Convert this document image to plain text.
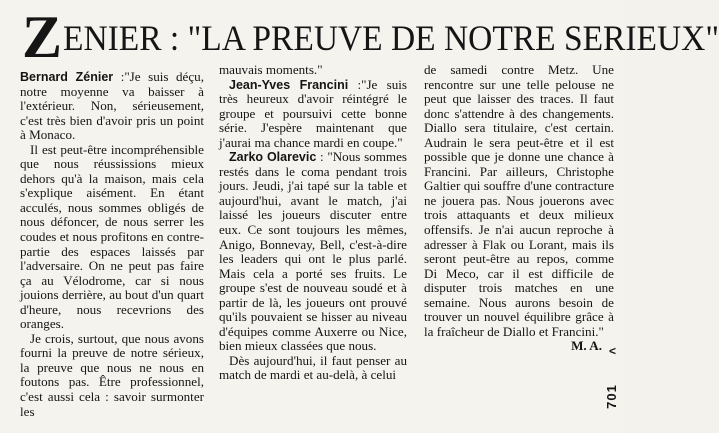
Z ENIER : "LA PREUVE DE NOTRE SERIEUX"

Bernard Zénier :"Je suis déçu, notre moyenne va baisser à l'extérieur. Non, sérieusement, c'est très bien d'avoir pris un point à Monaco.

Il est peut-être incompréhensible que nous réussissions mieux dehors qu'à la maison, mais cela s'explique aisément. En étant acculés, nous sommes obligés de nous défoncer, de nous serrer les coudes et nous profitons en contre-partie des espaces laissés par l'adversaire. On ne peut pas faire ça au Vélodrome, car si nous jouions derrière, au bout d'un quart d'heure, nous recevrions des oranges.

Je crois, surtout, que nous avons fourni la preuve de notre sérieux, la preuve que nous ne nous en foutons pas. Être professionnel, c'est aussi cela : savoir surmonter les

mauvais moments."

Jean-Yves Francini :"Je suis très heureux d'avoir réintégré le groupe et poursuivi cette bonne série. J'espère maintenant que j'aurai ma chance mardi en coupe."

Zarko Olarevic : "Nous sommes restés dans le coma pendant trois jours. Jeudi, j'ai tapé sur la table et aujourd'hui, avant le match, j'ai laissé les joueurs discuter entre eux. Ce sont toujours les mêmes, Anigo, Bonnevay, Bell, c'est-à-dire les leaders qui ont le plus parlé. Mais cela a porté ses fruits. Le groupe s'est de nouveau soudé et à partir de là, les joueurs ont prouvé qu'ils pouvaient se hisser au niveau d'équipes comme Auxerre ou Nice, bien mieux classées que nous.

Dès aujourd'hui, il faut penser au match de mardi et au-delà, à celui

de samedi contre Metz. Une rencontre sur une telle pelouse ne peut que laisser des traces. Il faut donc s'attendre à des changements. Diallo sera titulaire, c'est certain. Audrain le sera peut-être et il est possible que je donne une chance à Francini. Par ailleurs, Christophe Galtier qui souffre d'une contracture ne jouera pas. Nous jouerons avec trois attaquants et deux milieux offensifs. Je n'ai aucun reproche à adresser à Flak ou Lorant, mais ils seront peut-être au repos, comme Di Meco, car il est difficile de disputer trois matches en une semaine. Nous aurons besoin de trouver un nouvel équilibre grâce à la fraîcheur de Diallo et Francini."

M. A. <
701
